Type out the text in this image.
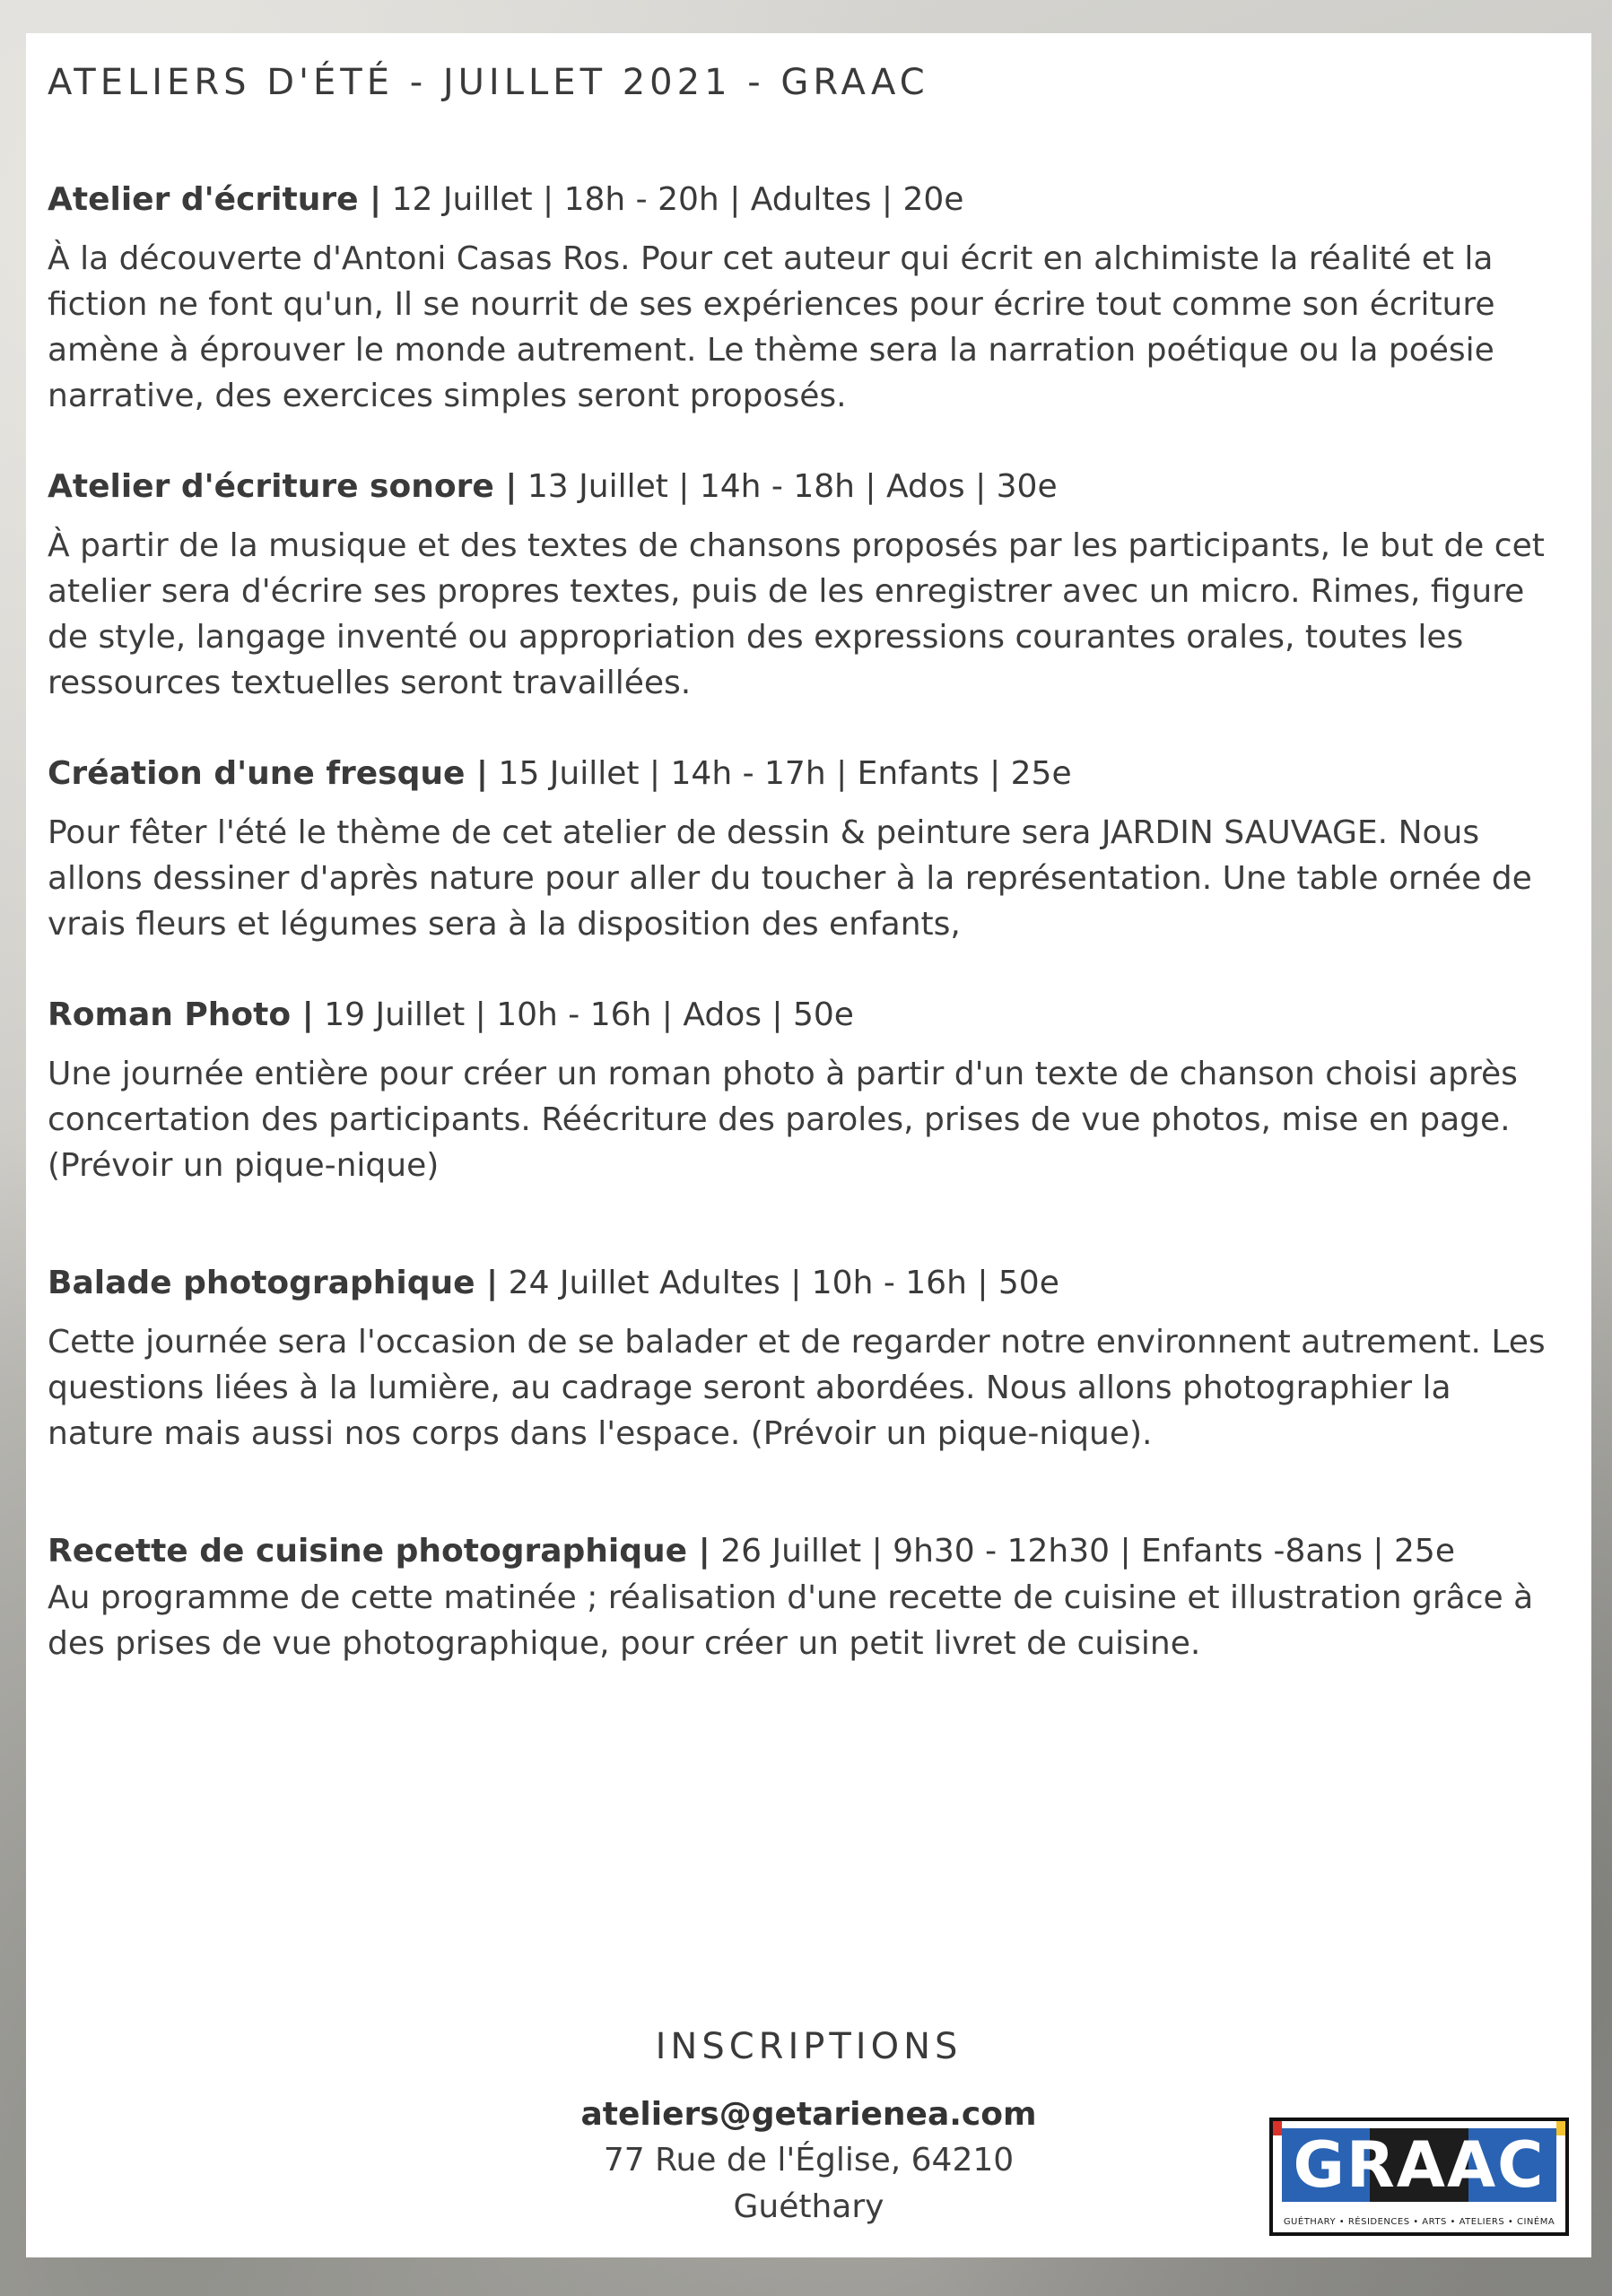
ATELIERS D'ÉTÉ - JUILLET 2021 - GRAAC

Atelier d'écriture | 12 Juillet | 18h - 20h | Adultes | 20e

À la découverte d'Antoni Casas Ros. Pour cet auteur qui écrit en alchimiste la réalité et la fiction ne font qu'un, Il se nourrit de ses expériences pour écrire tout comme son écriture amène à éprouver le monde autrement. Le thème sera la narration poétique ou la poésie narrative, des exercices simples seront proposés.

Atelier d'écriture sonore | 13 Juillet | 14h - 18h | Ados | 30e

À partir de la musique et des textes de chansons proposés par les participants, le but de cet atelier sera d'écrire ses propres textes, puis de les enregistrer avec un micro. Rimes, figure de style, langage inventé ou appropriation des expressions courantes orales, toutes les ressources textuelles seront travaillées.

Création d'une fresque | 15 Juillet | 14h - 17h | Enfants | 25e

Pour fêter l'été le thème de cet atelier de dessin & peinture sera JARDIN SAUVAGE. Nous allons dessiner d'après nature pour aller du toucher à la représentation. Une table ornée de vrais fleurs et légumes sera à la disposition des enfants,

Roman Photo | 19 Juillet | 10h - 16h | Ados | 50e

Une journée entière pour créer un roman photo à partir d'un texte de chanson choisi après concertation des participants. Réécriture des paroles, prises de vue photos, mise en page. (Prévoir un pique-nique)

Balade photographique | 24 Juillet Adultes | 10h - 16h | 50e

Cette journée sera l'occasion de se balader et de regarder notre environnent autrement. Les questions liées à la lumière, au cadrage seront abordées. Nous allons photographier la nature mais aussi nos corps dans l'espace. (Prévoir un pique-nique).

Recette de cuisine photographique | 26 Juillet | 9h30 - 12h30 | Enfants -8ans | 25e

Au programme de cette matinée ; réalisation d'une recette de cuisine et illustration grâce à des prises de vue photographique, pour créer un petit livret de cuisine.

INSCRIPTIONS
ateliers@getarienea.com
77 Rue de l'Église, 64210
Guéthary
GRAAC
GUÉTHARY • RÉSIDENCES • ARTS • ATELIERS • CINÉMA
